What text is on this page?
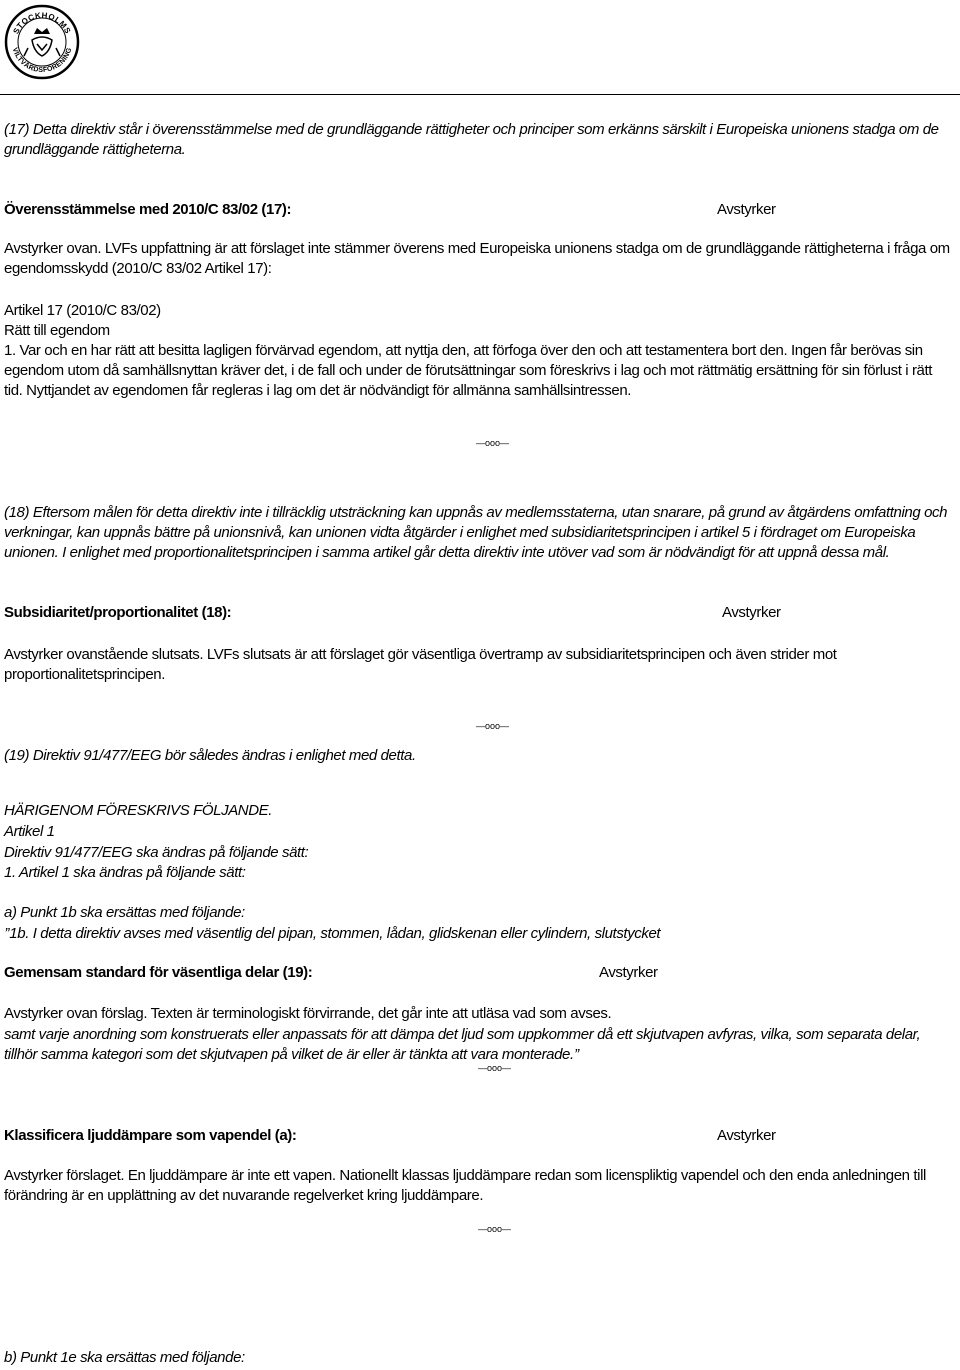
STOCKHOLMS
VILTVÅRDSFÖRENING

(17) Detta direktiv står i överensstämmelse med de grundläggande rättigheter och principer som erkänns särskilt i Europeiska unionens stadga om de grundläggande rättigheterna.

Överensstämmelse med 2010/C 83/02 (17):	Avstyrker

Avstyrker ovan. LVFs uppfattning är att förslaget inte stämmer överens med Europeiska unionens stadga om de grundläggande rättigheterna i fråga om egendomsskydd (2010/C 83/02 Artikel 17):

Artikel 17 (2010/C 83/02)

Rätt till egendom

1. Var och en har rätt att besitta lagligen förvärvad egendom, att nyttja den, att förfoga över den och att testamentera bort den. Ingen får berövas sin egendom utom då samhällsnyttan kräver det, i de fall och under de förutsättningar som föreskrivs i lag och mot rättmätig ersättning för sin förlust i rätt tid. Nyttjandet av egendomen får regleras i lag om det är nödvändigt för allmänna samhällsintressen.

—ooo—

(18) Eftersom målen för detta direktiv inte i tillräcklig utsträckning kan uppnås av medlemsstaterna, utan snarare, på grund av åtgärdens omfattning och verkningar, kan uppnås bättre på unionsnivå, kan unionen vidta åtgärder i enlighet med subsidiaritetsprincipen i artikel 5 i fördraget om Europeiska unionen. I enlighet med proportionalitetsprincipen i samma artikel går detta direktiv inte utöver vad som är nödvändigt för att uppnå dessa mål.

Subsidiaritet/proportionalitet (18):	Avstyrker

Avstyrker ovanstående slutsats. LVFs slutsats är att förslaget gör väsentliga övertramp av subsidiaritetsprincipen och även strider mot proportionalitetsprincipen.

—ooo—

(19) Direktiv 91/477/EEG bör således ändras i enlighet med detta.

HÄRIGENOM FÖRESKRIVS FÖLJANDE.

Artikel 1

Direktiv 91/477/EEG ska ändras på följande sätt:

1. Artikel 1 ska ändras på följande sätt:

a) Punkt 1b ska ersättas med följande:

’’1b. I detta direktiv avses med väsentlig del pipan, stommen, lådan, glidskenan eller cylindern, slutstycket

Gemensam standard för väsentliga delar (19):	Avstyrker

Avstyrker ovan förslag. Texten är terminologiskt förvirrande, det går inte att utläsa vad som avses.

samt varje anordning som konstruerats eller anpassats för att dämpa det ljud som uppkommer då ett skjutvapen avfyras, vilka, som separata delar, tillhör samma kategori som det skjutvapen på vilket de är eller är tänkta att vara monterade.’’

—ooo—
Klassificera ljuddämpare som vapendel (a):	Avstyrker

Avstyrker förslaget. En ljuddämpare är inte ett vapen. Nationellt klassas ljuddämpare redan som licenspliktig vapendel och den enda anledningen till förändring är en upplättning av det nuvarande regelverket kring ljuddämpare.

—ooo—

b) Punkt 1e ska ersättas med följande:
